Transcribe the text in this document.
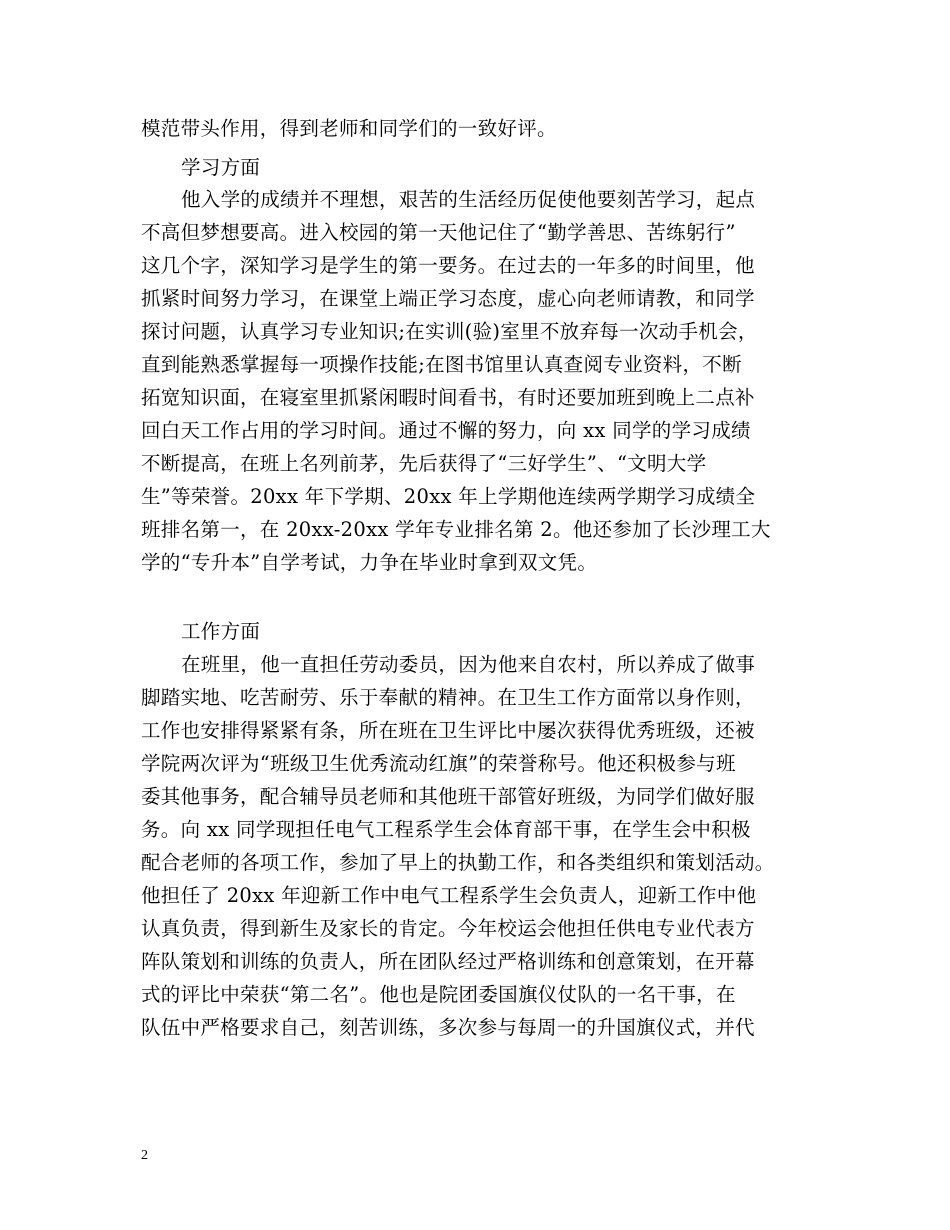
模范带头作用，得到老师和同学们的一致好评。
学习方面
他入学的成绩并不理想，艰苦的生活经历促使他要刻苦学习，起点
不高但梦想要高。进入校园的第一天他记住了“勤学善思、苦练躬行”
这几个字，深知学习是学生的第一要务。在过去的一年多的时间里，他
抓紧时间努力学习，在课堂上端正学习态度，虚心向老师请教，和同学
探讨问题，认真学习专业知识;在实训(验)室里不放弃每一次动手机会，
直到能熟悉掌握每一项操作技能;在图书馆里认真查阅专业资料，不断
拓宽知识面，在寝室里抓紧闲暇时间看书，有时还要加班到晚上二点补
回白天工作占用的学习时间。通过不懈的努力，向 xx 同学的学习成绩
不断提高，在班上名列前茅，先后获得了“三好学生”、“文明大学
生”等荣誉。20xx 年下学期、20xx 年上学期他连续两学期学习成绩全
班排名第一，在 20xx-20xx 学年专业排名第 2。他还参加了长沙理工大
学的“专升本”自学考试，力争在毕业时拿到双文凭。
工作方面
在班里，他一直担任劳动委员，因为他来自农村，所以养成了做事
脚踏实地、吃苦耐劳、乐于奉献的精神。在卫生工作方面常以身作则，
工作也安排得紧紧有条，所在班在卫生评比中屡次获得优秀班级，还被
学院两次评为“班级卫生优秀流动红旗”的荣誉称号。他还积极参与班
委其他事务，配合辅导员老师和其他班干部管好班级，为同学们做好服
务。向 xx 同学现担任电气工程系学生会体育部干事，在学生会中积极
配合老师的各项工作，参加了早上的执勤工作，和各类组织和策划活动。
他担任了 20xx 年迎新工作中电气工程系学生会负责人，迎新工作中他
认真负责，得到新生及家长的肯定。今年校运会他担任供电专业代表方
阵队策划和训练的负责人，所在团队经过严格训练和创意策划，在开幕
式的评比中荣获“第二名”。他也是院团委国旗仪仗队的一名干事，在
队伍中严格要求自己，刻苦训练，多次参与每周一的升国旗仪式，并代
2
